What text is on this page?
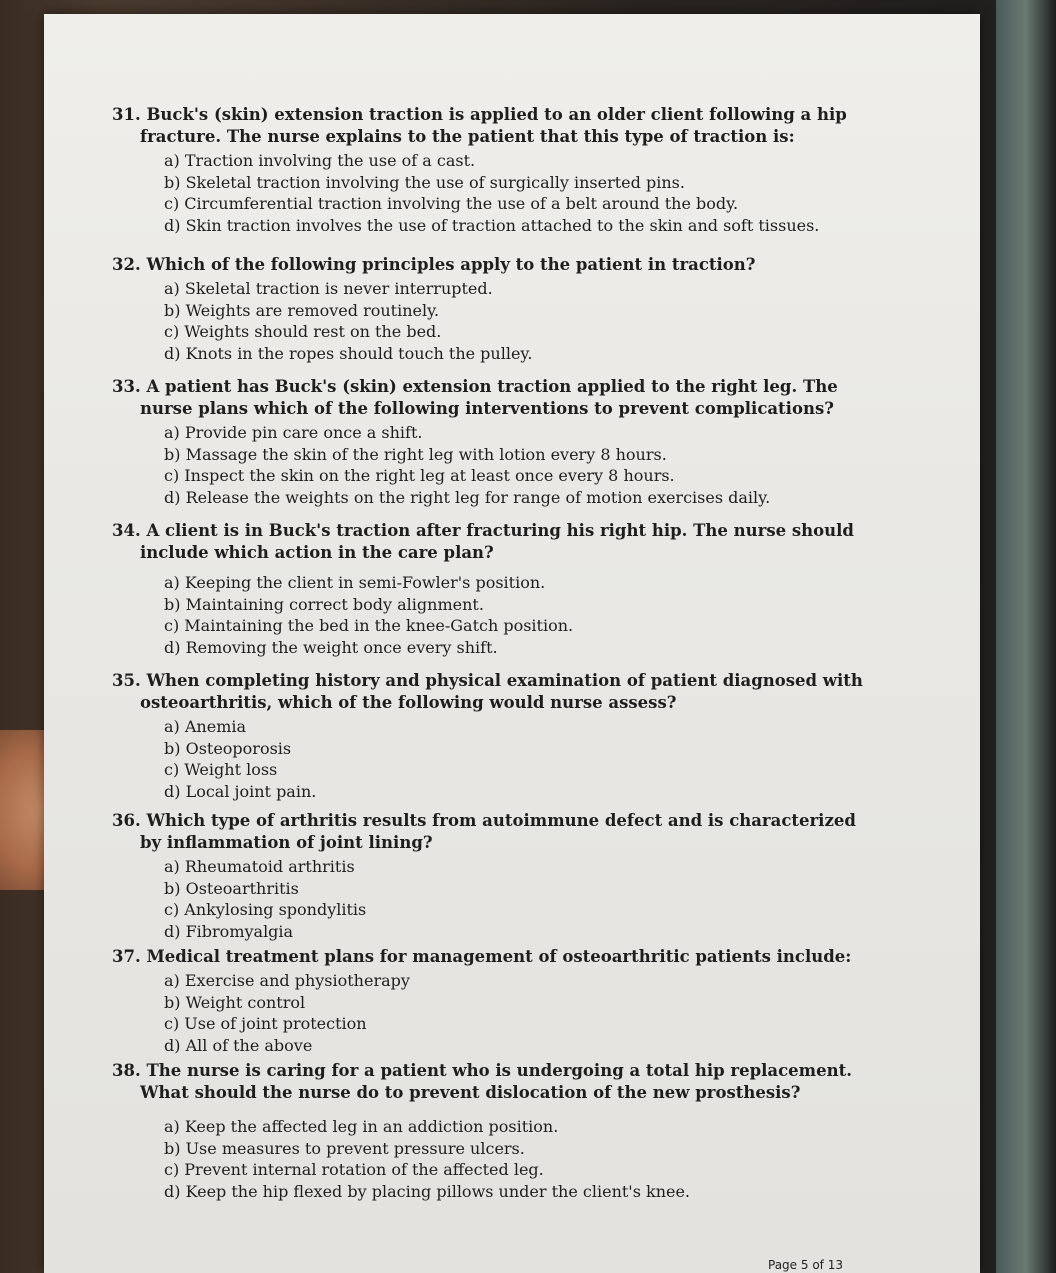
31. Buck's (skin) extension traction is applied to an older client following a hip fracture. The nurse explains to the patient that this type of traction is:
a) Traction involving the use of a cast.
b) Skeletal traction involving the use of surgically inserted pins.
c) Circumferential traction involving the use of a belt around the body.
d) Skin traction involves the use of traction attached to the skin and soft tissues.
32. Which of the following principles apply to the patient in traction?
a) Skeletal traction is never interrupted.
b) Weights are removed routinely.
c) Weights should rest on the bed.
d) Knots in the ropes should touch the pulley.
33. A patient has Buck's (skin) extension traction applied to the right leg. The nurse plans which of the following interventions to prevent complications?
a) Provide pin care once a shift.
b) Massage the skin of the right leg with lotion every 8 hours.
c) Inspect the skin on the right leg at least once every 8 hours.
d) Release the weights on the right leg for range of motion exercises daily.
34. A client is in Buck's traction after fracturing his right hip. The nurse should include which action in the care plan?
a) Keeping the client in semi-Fowler's position.
b) Maintaining correct body alignment.
c) Maintaining the bed in the knee-Gatch position.
d) Removing the weight once every shift.
35. When completing history and physical examination of patient diagnosed with osteoarthritis, which of the following would nurse assess?
a) Anemia
b) Osteoporosis
c) Weight loss
d) Local joint pain.
36. Which type of arthritis results from autoimmune defect and is characterized by inflammation of joint lining?
a) Rheumatoid arthritis
b) Osteoarthritis
c) Ankylosing spondylitis
d) Fibromyalgia
37. Medical treatment plans for management of osteoarthritic patients include:
a) Exercise and physiotherapy
b) Weight control
c) Use of joint protection
d) All of the above
38. The nurse is caring for a patient who is undergoing a total hip replacement. What should the nurse do to prevent dislocation of the new prosthesis?
a) Keep the affected leg in an addiction position.
b) Use measures to prevent pressure ulcers.
c) Prevent internal rotation of the affected leg.
d) Keep the hip flexed by placing pillows under the client's knee.
Page 5 of 13
